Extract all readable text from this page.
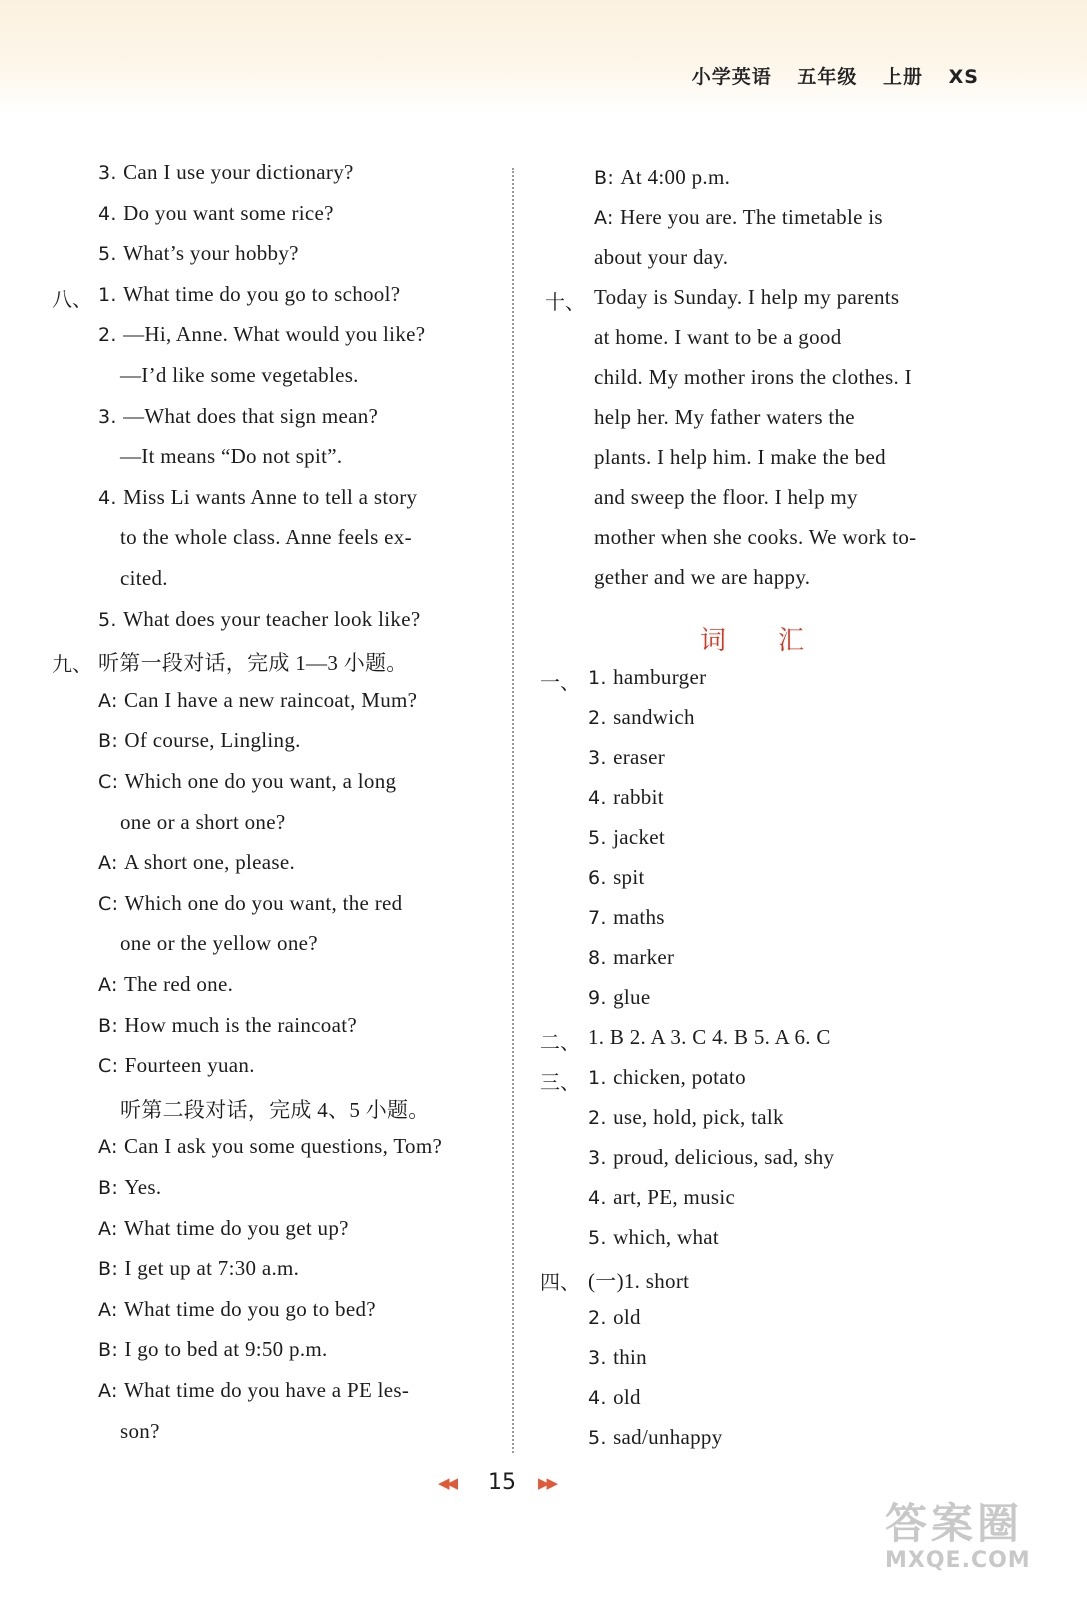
小学英语 五年级 上册 XS
3. Can I use your dictionary?
4. Do you want some rice?
5. What’s your hobby?
八、 1. What time do you go to school?
2. —Hi, Anne. What would you like?
—I’d like some vegetables.
3. —What does that sign mean?
—It means “Do not spit”.
4. Miss Li wants Anne to tell a story
to the whole class. Anne feels ex-
cited.
5. What does your teacher look like?
九、 听第一段对话，完成 1—3 小题。
A: Can I have a new raincoat, Mum?
B: Of course, Lingling.
C: Which one do you want, a long
one or a short one?
A: A short one, please.
C: Which one do you want, the red
one or the yellow one?
A: The red one.
B: How much is the raincoat?
C: Fourteen yuan.
听第二段对话，完成 4、5 小题。
A: Can I ask you some questions, Tom?
B: Yes.
A: What time do you get up?
B: I get up at 7:30 a.m.
A: What time do you go to bed?
B: I go to bed at 9:50 p.m.
A: What time do you have a PE les-
son?
B: At 4:00 p.m.
A: Here you are. The timetable is
about your day.
十、 Today is Sunday. I help my parents
at home. I want to be a good
child. My mother irons the clothes. I
help her. My father waters the
plants. I help him. I make the bed
and sweep the floor. I help my
mother when she cooks. We work to-
gether and we are happy.
一、 1. hamburger
2. sandwich
3. eraser
4. rabbit
5. jacket
6. spit
7. maths
8. marker
9. glue
二、 1. B 2. A 3. C 4. B 5. A 6. C
三、 1. chicken, potato
2. use, hold, pick, talk
3. proud, delicious, sad, shy
4. art, PE, music
5. which, what
四、 (一)1. short
2. old
3. thin
4. old
5. sad/unhappy
词汇
◀◀ 15 ▶▶
答案圈
MXQE.COM
